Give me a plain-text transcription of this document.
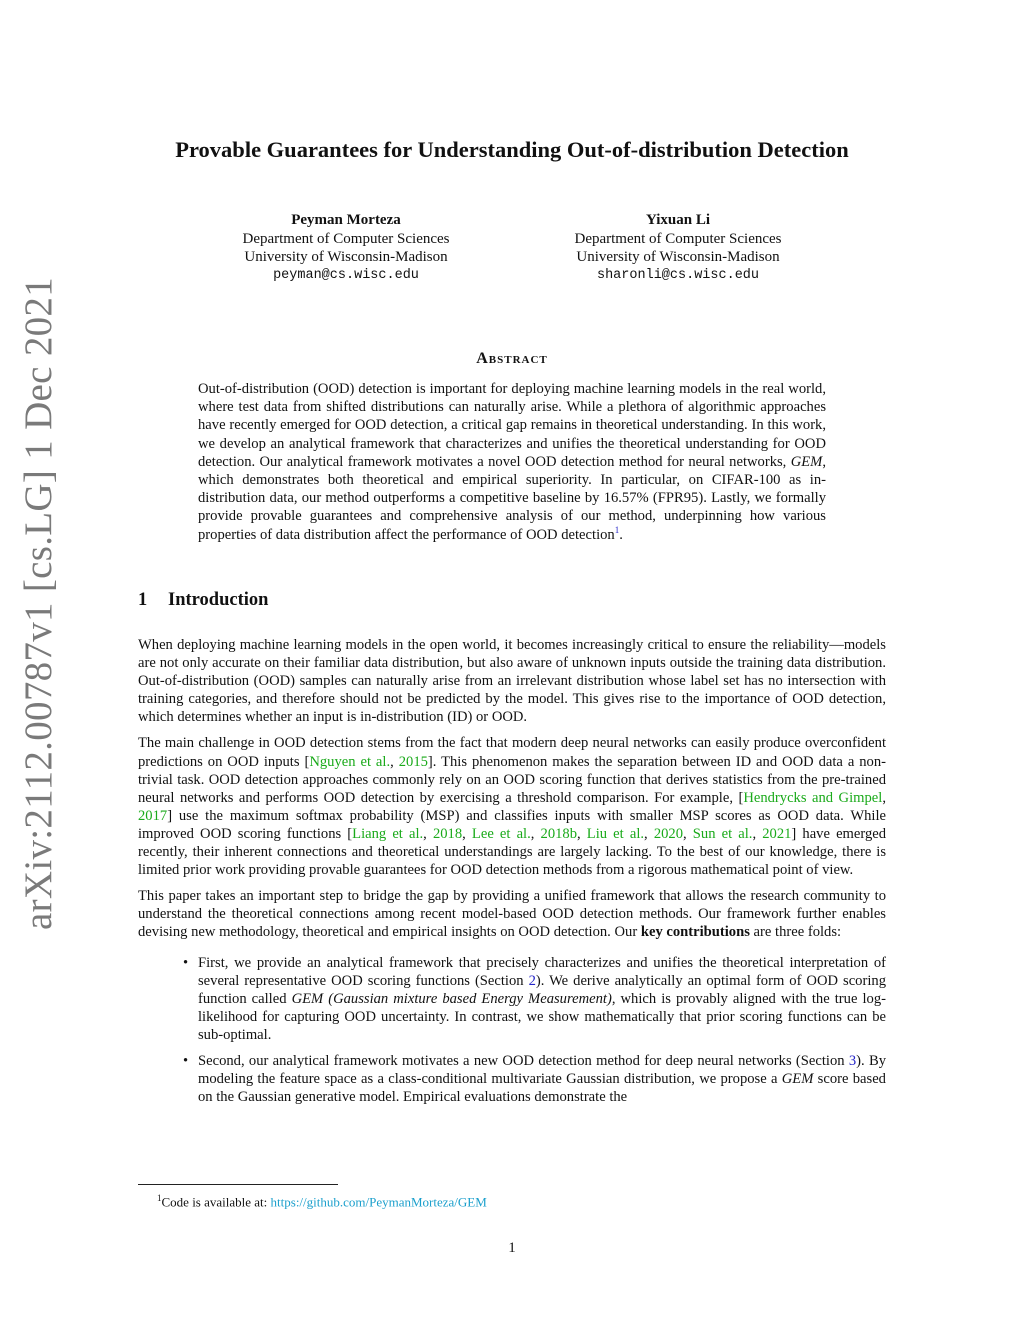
arXiv:2112.00787v1 [cs.LG] 1 Dec 2021
Provable Guarantees for Understanding Out-of-distribution Detection
Peyman Morteza
Department of Computer Sciences
University of Wisconsin-Madison
peyman@cs.wisc.edu
Yixuan Li
Department of Computer Sciences
University of Wisconsin-Madison
sharonli@cs.wisc.edu
Abstract

Out-of-distribution (OOD) detection is important for deploying machine learning models in the real world, where test data from shifted distributions can naturally arise. While a plethora of algorithmic approaches have recently emerged for OOD detection, a critical gap remains in theoretical understanding. In this work, we develop an analytical framework that characterizes and unifies the theoretical understanding for OOD detection. Our analytical framework motivates a novel OOD detection method for neural networks, GEM, which demonstrates both theoretical and empirical superiority. In particular, on CIFAR-100 as in-distribution data, our method outperforms a competitive baseline by 16.57% (FPR95). Lastly, we formally provide provable guarantees and comprehensive analysis of our method, underpinning how various properties of data distribution affect the performance of OOD detection$^1$.

1 Introduction

When deploying machine learning models in the open world, it becomes increasingly critical to ensure the reliability—models are not only accurate on their familiar data distribution, but also aware of unknown inputs outside the training data distribution. Out-of-distribution (OOD) samples can naturally arise from an irrelevant distribution whose label set has no intersection with training categories, and therefore should not be predicted by the model. This gives rise to the importance of OOD detection, which determines whether an input is in-distribution (ID) or OOD.

The main challenge in OOD detection stems from the fact that modern deep neural networks can easily produce overconfident predictions on OOD inputs [Nguyen et al., 2015]. This phenomenon makes the separation between ID and OOD data a non-trivial task. OOD detection approaches commonly rely on an OOD scoring function that derives statistics from the pre-trained neural networks and performs OOD detection by exercising a threshold comparison. For example, [Hendrycks and Gimpel, 2017] use the maximum softmax probability (MSP) and classifies inputs with smaller MSP scores as OOD data. While improved OOD scoring functions [Liang et al., 2018, Lee et al., 2018b, Liu et al., 2020, Sun et al., 2021] have emerged recently, their inherent connections and theoretical understandings are largely lacking. To the best of our knowledge, there is limited prior work providing provable guarantees for OOD detection methods from a rigorous mathematical point of view.

This paper takes an important step to bridge the gap by providing a unified framework that allows the research community to understand the theoretical connections among recent model-based OOD detection methods. Our framework further enables devising new methodology, theoretical and empirical insights on OOD detection. Our key contributions are three folds:

• First, we provide an analytical framework that precisely characterizes and unifies the theoretical interpretation of several representative OOD scoring functions (Section 2). We derive analytically an optimal form of OOD scoring function called GEM (Gaussian mixture based Energy Measurement), which is provably aligned with the true log-likelihood for capturing OOD uncertainty. In contrast, we show mathematically that prior scoring functions can be sub-optimal.
• Second, our analytical framework motivates a new OOD detection method for deep neural networks (Section 3). By modeling the feature space as a class-conditional multivariate Gaussian distribution, we propose a GEM score based on the Gaussian generative model. Empirical evaluations demonstrate the
$^1$Code is available at: https://github.com/PeymanMorteza/GEM
1
